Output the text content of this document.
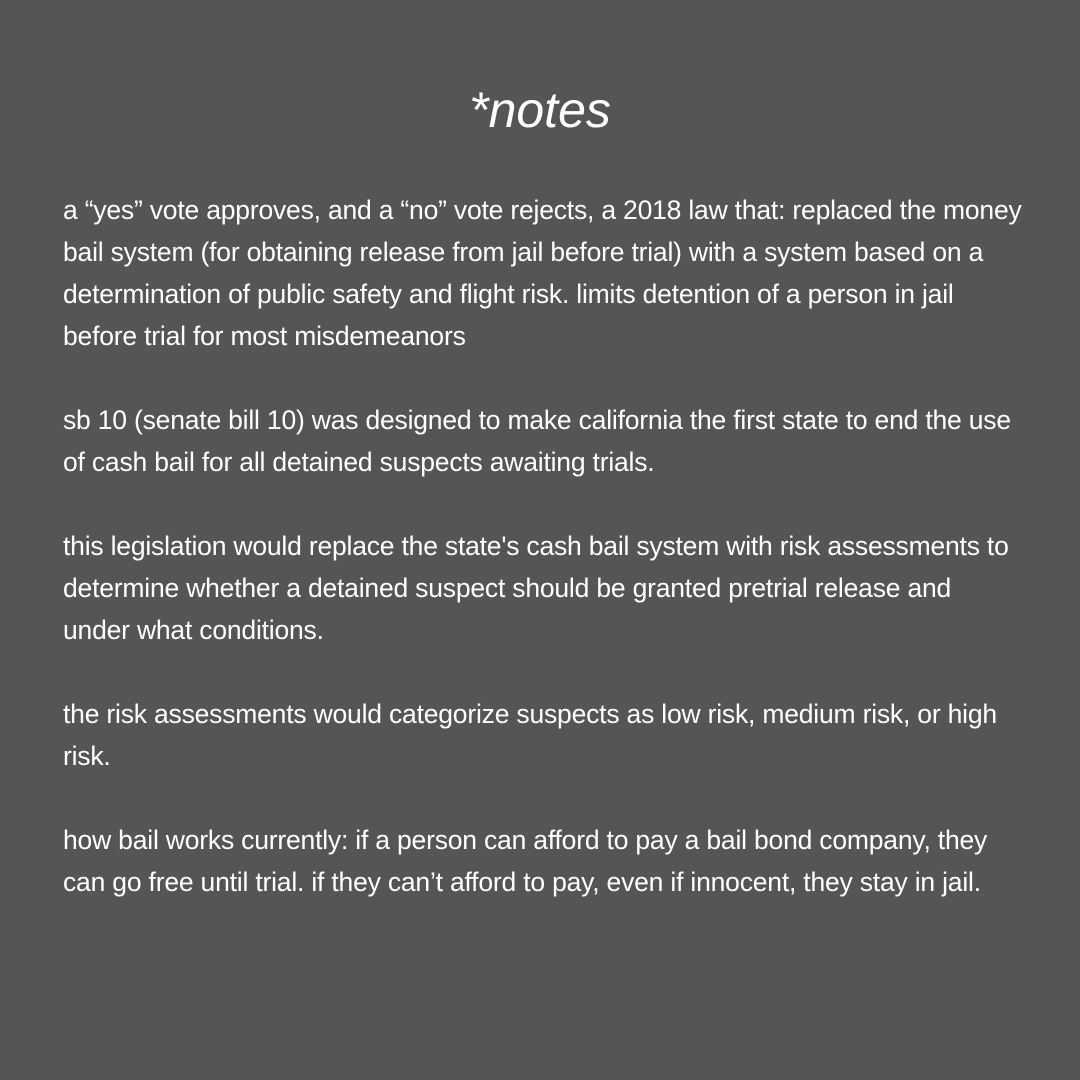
*notes

a “yes” vote approves, and a “no” vote rejects, a 2018 law that: replaced the money bail system (for obtaining release from jail before trial) with a system based on a determination of public safety and flight risk. limits detention of a person in jail before trial for most misdemeanors

sb 10 (senate bill 10) was designed to make california the first state to end the use of cash bail for all detained suspects awaiting trials.

this legislation would replace the state's cash bail system with risk assessments to determine whether a detained suspect should be granted pretrial release and under what conditions.

the risk assessments would categorize suspects as low risk, medium risk, or high risk.

how bail works currently: if a person can afford to pay a bail bond company, they can go free until trial. if they can’t afford to pay, even if innocent, they stay in jail.
